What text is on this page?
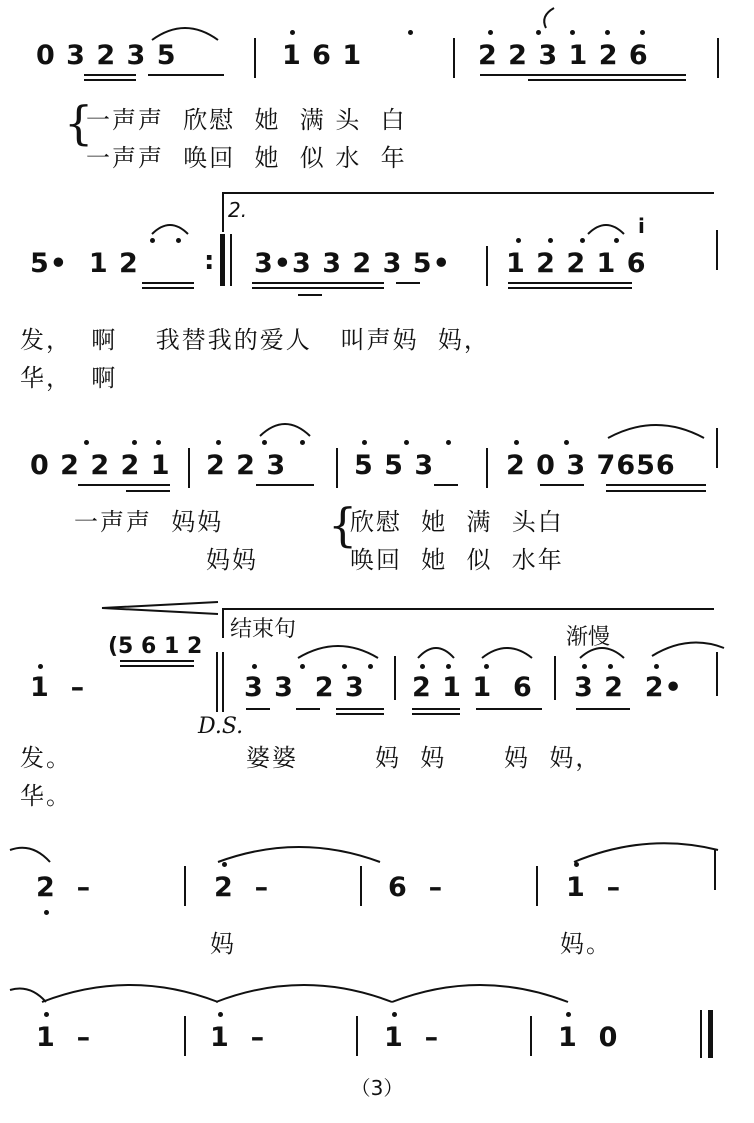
0 3 2 3 5	1 6 1	2 2 3 1 2 6
{
一声声  欣慰  她  满 头  白
一声声  唤回  她  似 水  年
2.
i
5•  1 2	: 3•3 3 2 3 5• 1 2 2 1 6
发，  啊    我替我的爱人   叫声妈  妈，
华，  啊
0 2 2 2 1 2 2 3	5 5 3	2 0 3 7656
一声声  妈妈 {
欣慰  她  满  头白
妈妈	唤回  她  似  水年
结束句	渐慢
(5 6 1 2
1  –	3 3  2 3 2 1 1  6 3 2  2•
D.S.
发。	婆婆        妈  妈      妈  妈，
华。
2  –	2  –	6  –	1  –
妈	妈。
1  –	1  –	1  –	1  0
（3）
